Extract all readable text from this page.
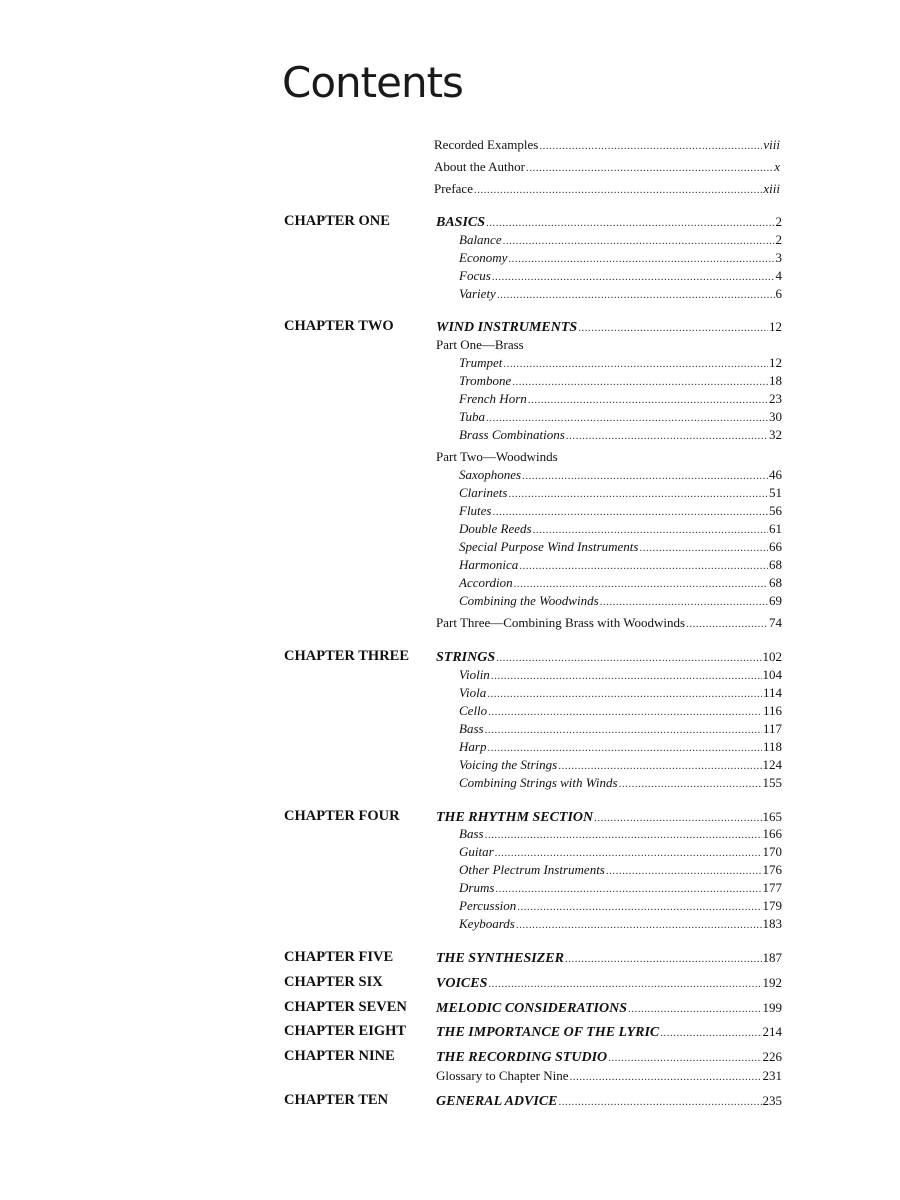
Contents
Recorded Examples .....	viii
About the Author .....	x
Preface .....	xiii
CHAPTER ONE	BASICS .....	2
Balance .....	2
Economy .....	3
Focus .....	4
Variety .....	6
CHAPTER TWO	WIND INSTRUMENTS .....	12
Part One—Brass
Trumpet .....	12
Trombone .....	18
French Horn .....	23
Tuba .....	30
Brass Combinations .....	32
Part Two—Woodwinds
Saxophones .....	46
Clarinets .....	51
Flutes .....	56
Double Reeds .....	61
Special Purpose Wind Instruments .....	66
Harmonica .....	68
Accordion .....	68
Combining the Woodwinds .....	69
Part Three—Combining Brass with Woodwinds .....	74
CHAPTER THREE	STRINGS .....	102
Violin .....	104
Viola .....	114
Cello .....	116
Bass .....	117
Harp .....	118
Voicing the Strings .....	124
Combining Strings with Winds .....	155
CHAPTER FOUR	THE RHYTHM SECTION .....	165
Bass .....	166
Guitar .....	170
Other Plectrum Instruments .....	176
Drums .....	177
Percussion .....	179
Keyboards .....	183
CHAPTER FIVE	THE SYNTHESIZER .....	187
CHAPTER SIX	VOICES .....	192
CHAPTER SEVEN	MELODIC CONSIDERATIONS .....	199
CHAPTER EIGHT	THE IMPORTANCE OF THE LYRIC .....	214
CHAPTER NINE	THE RECORDING STUDIO .....	226
Glossary to Chapter Nine .....	231
CHAPTER TEN	GENERAL ADVICE .....	235
